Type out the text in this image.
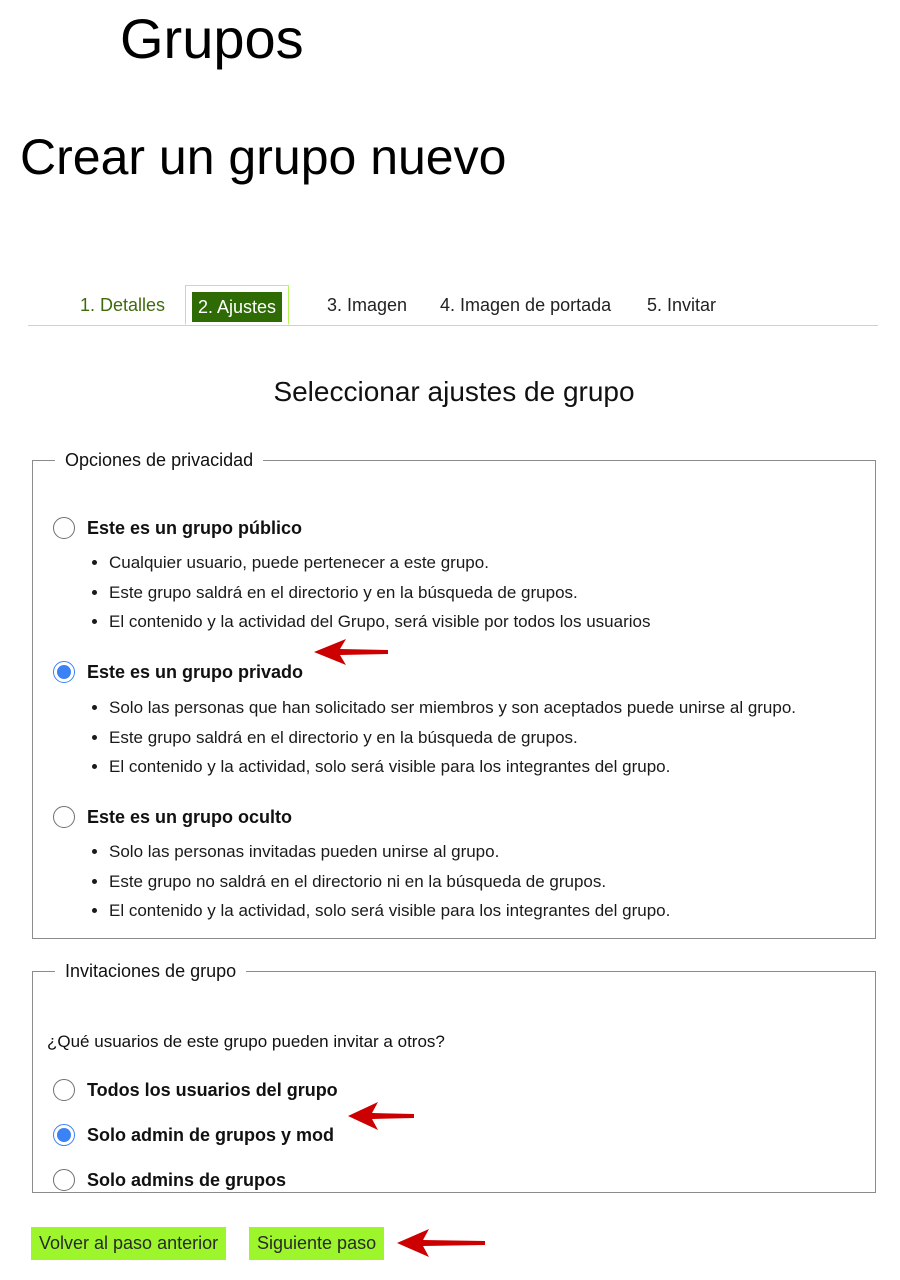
Grupos
Crear un grupo nuevo
1. Detalles	2. Ajustes	3. Imagen 4. Imagen de portada 5. Invitar
Seleccionar ajustes de grupo
Opciones de privacidad
Este es un grupo público
• Cualquier usuario, puede pertenecer a este grupo.
• Este grupo saldrá en el directorio y en la búsqueda de grupos.
• El contenido y la actividad del Grupo, será visible por todos los usuarios
Este es un grupo privado
• Solo las personas que han solicitado ser miembros y son aceptados puede unirse al grupo.
• Este grupo saldrá en el directorio y en la búsqueda de grupos.
• El contenido y la actividad, solo será visible para los integrantes del grupo.
Este es un grupo oculto
• Solo las personas invitadas pueden unirse al grupo.
• Este grupo no saldrá en el directorio ni en la búsqueda de grupos.
• El contenido y la actividad, solo será visible para los integrantes del grupo.
Invitaciones de grupo

¿Qué usuarios de este grupo pueden invitar a otros?

Todos los usuarios del grupo
Solo admin de grupos y mod
Solo admins de grupos
Volver al paso anterior	Siguiente paso
